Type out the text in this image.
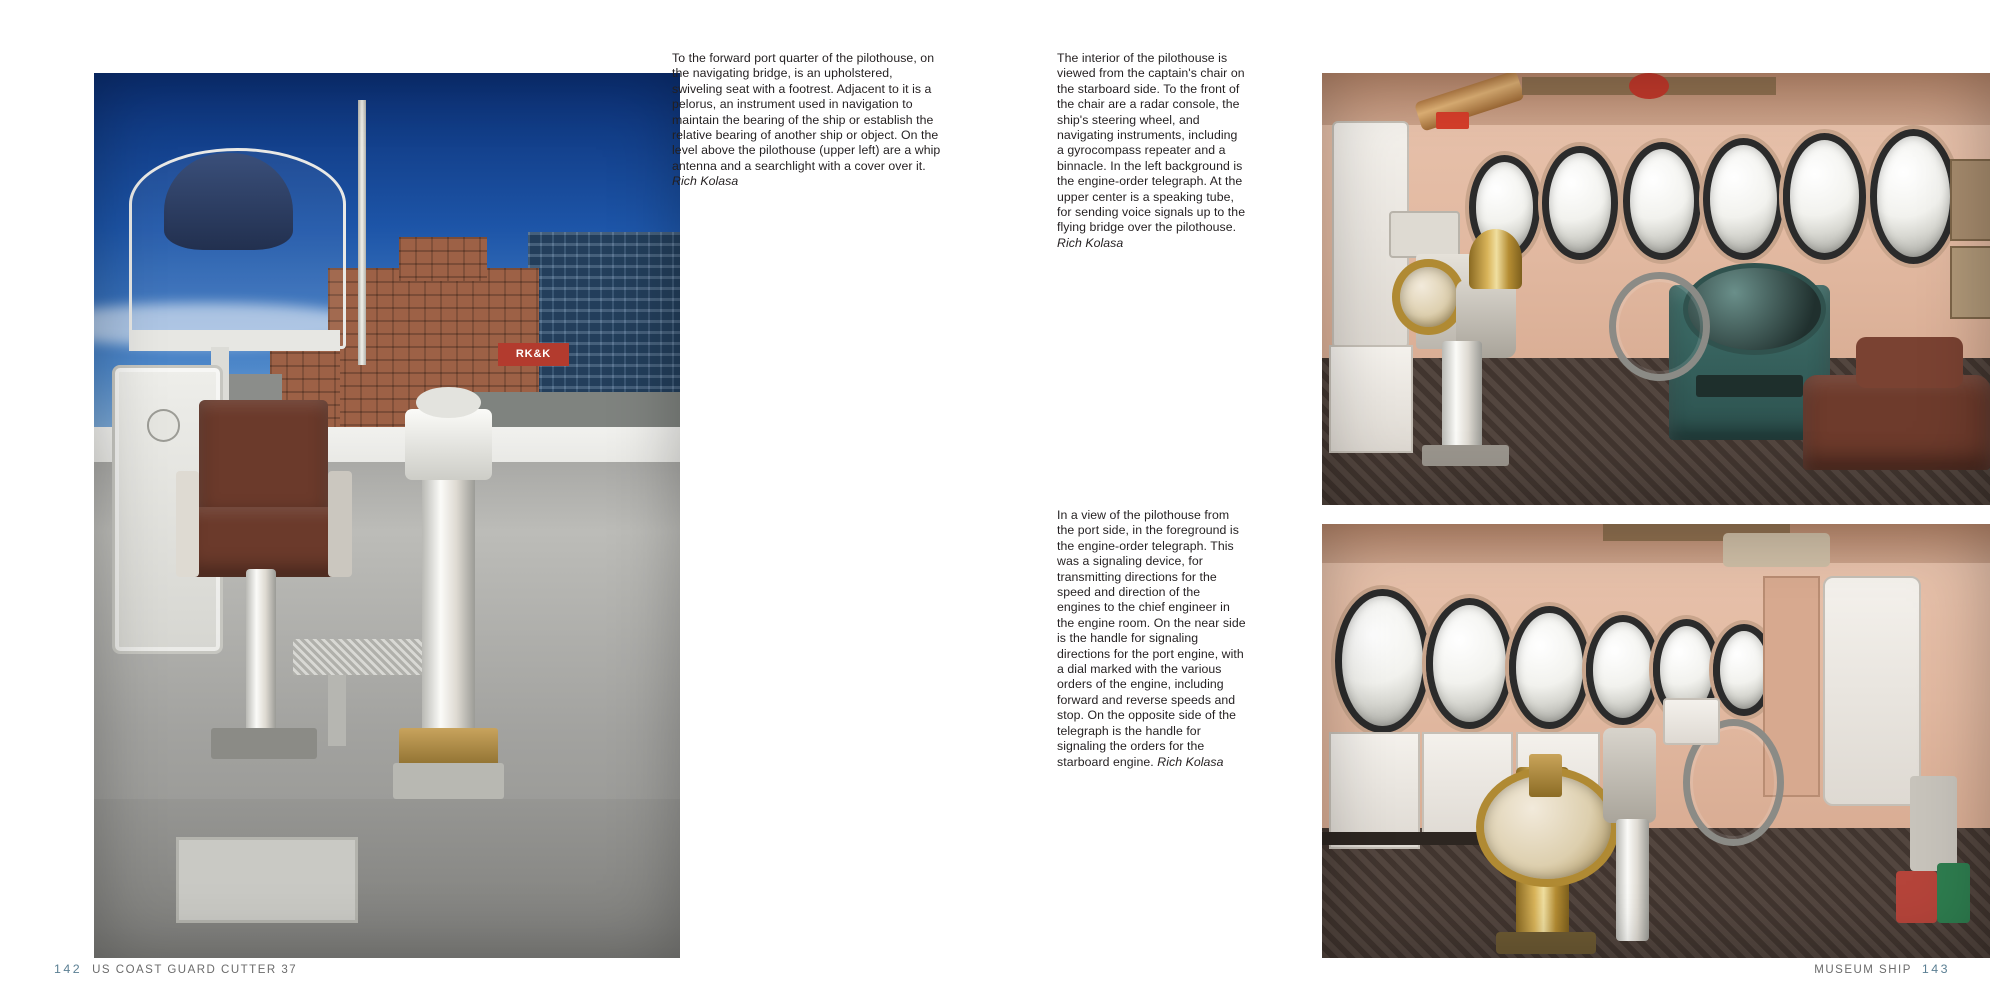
RK&K
To the forward port quarter of the pilothouse, on the navigating bridge, is an upholstered, swiveling seat with a footrest. Adjacent to it is a pelorus, an instrument used in navigation to maintain the bearing of the ship or establish the relative bearing of another ship or object. On the level above the pilothouse (upper left) are a whip antenna and a searchlight with a cover over it. Rich Kolasa
142 US COAST GUARD CUTTER 37
The interior of the pilothouse is viewed from the captain's chair on the starboard side. To the front of the chair are a radar console, the ship's steering wheel, and navigating instruments, including a gyrocompass repeater and a binnacle. In the left background is the engine-order telegraph. At the upper center is a speaking tube, for sending voice signals up to the flying bridge over the pilothouse. Rich Kolasa
In a view of the pilothouse from the port side, in the foreground is the engine-order telegraph. This was a signaling device, for transmitting directions for the speed and direction of the engines to the chief engineer in the engine room. On the near side is the handle for signaling directions for the port engine, with a dial marked with the various orders of the engine, including forward and reverse speeds and stop. On the opposite side of the telegraph is the handle for signaling the orders for the starboard engine. Rich Kolasa
MUSEUM SHIP 143
